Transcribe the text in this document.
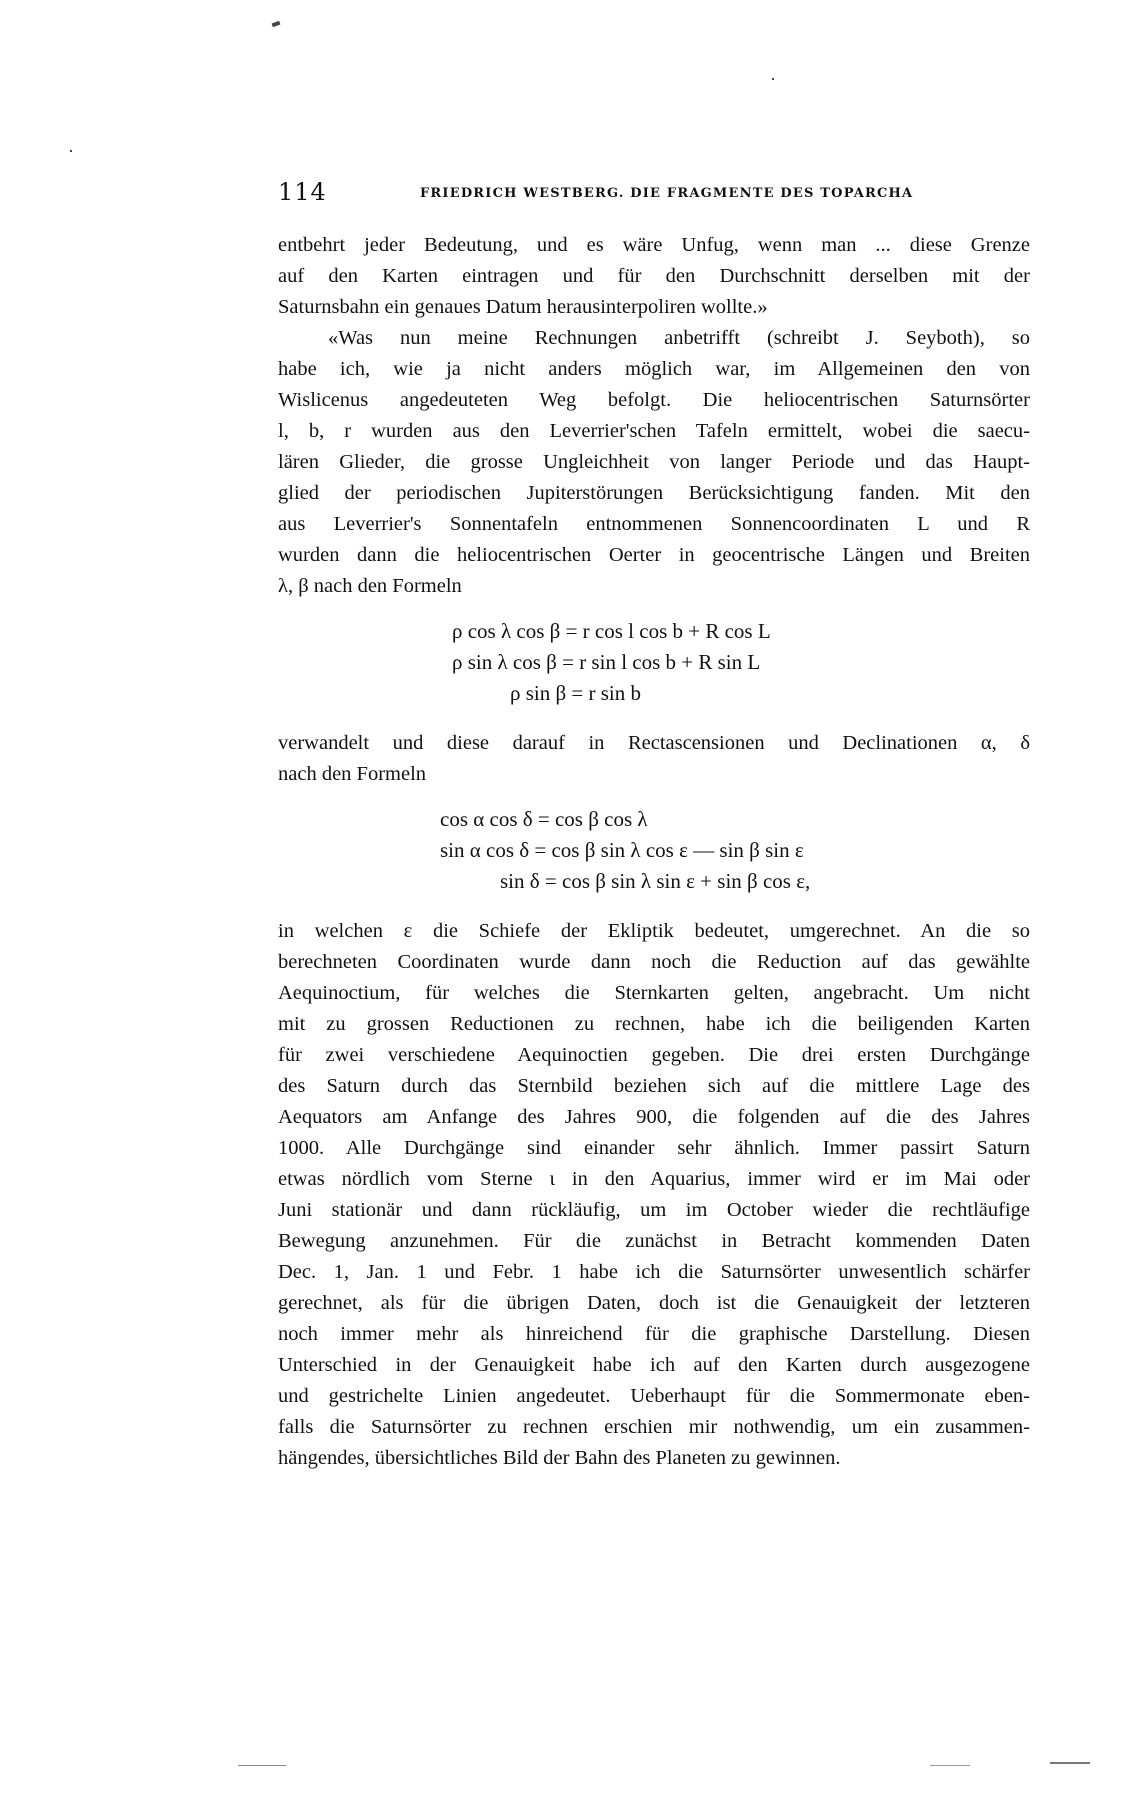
114	FRIEDRICH WESTBERG. DIE FRAGMENTE DES TOPARCHA
entbehrt jeder Bedeutung, und es wäre Unfug, wenn man ... diese Grenze
auf den Karten eintragen und für den Durchschnitt derselben mit der
Saturnsbahn ein genaues Datum herausinterpoliren wollte.»
«Was nun meine Rechnungen anbetrifft (schreibt J. Seyboth), so
habe ich, wie ja nicht anders möglich war, im Allgemeinen den von
Wislicenus angedeuteten Weg befolgt. Die heliocentrischen Saturnsörter
l, b, r wurden aus den Leverrier'schen Tafeln ermittelt, wobei die saecu-
lären Glieder, die grosse Ungleichheit von langer Periode und das Haupt-
glied der periodischen Jupiterstörungen Berücksichtigung fanden. Mit den
aus Leverrier's Sonnentafeln entnommenen Sonnencoordinaten L und R
wurden dann die heliocentrischen Oerter in geocentrische Längen und Breiten
λ, β nach den Formeln
ρ cos λ cos β = r cos l cos b + R cos L
ρ sin λ cos β = r sin l cos b + R sin L
ρ sin β = r sin b
verwandelt und diese darauf in Rectascensionen und Declinationen α, δ
nach den Formeln
cos α cos δ = cos β cos λ
sin α cos δ = cos β sin λ cos ε — sin β sin ε
sin δ = cos β sin λ sin ε + sin β cos ε,
in welchen ε die Schiefe der Ekliptik bedeutet, umgerechnet. An die so
berechneten Coordinaten wurde dann noch die Reduction auf das gewählte
Aequinoctium, für welches die Sternkarten gelten, angebracht. Um nicht
mit zu grossen Reductionen zu rechnen, habe ich die beiligenden Karten
für zwei verschiedene Aequinoctien gegeben. Die drei ersten Durchgänge
des Saturn durch das Sternbild beziehen sich auf die mittlere Lage des
Aequators am Anfange des Jahres 900, die folgenden auf die des Jahres
1000. Alle Durchgänge sind einander sehr ähnlich. Immer passirt Saturn
etwas nördlich vom Sterne ι in den Aquarius, immer wird er im Mai oder
Juni stationär und dann rückläufig, um im October wieder die rechtläufige
Bewegung anzunehmen. Für die zunächst in Betracht kommenden Daten
Dec. 1, Jan. 1 und Febr. 1 habe ich die Saturnsörter unwesentlich schärfer
gerechnet, als für die übrigen Daten, doch ist die Genauigkeit der letzteren
noch immer mehr als hinreichend für die graphische Darstellung. Diesen
Unterschied in der Genauigkeit habe ich auf den Karten durch ausgezogene
und gestrichelte Linien angedeutet. Ueberhaupt für die Sommermonate eben-
falls die Saturnsörter zu rechnen erschien mir nothwendig, um ein zusammen-
hängendes, übersichtliches Bild der Bahn des Planeten zu gewinnen.
